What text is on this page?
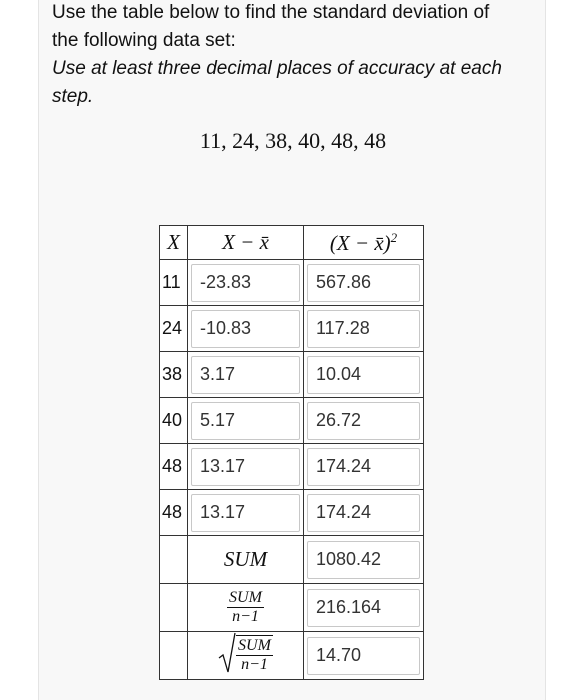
Use the table below to find the standard deviation of
the following data set:
Use at least three decimal places of accuracy at each
step.
11, 24, 38, 40, 48, 48
X	X − x̄	(X − x̄)$^2$
11	-23.83	567.86

24	-10.83	117.28

38	3.17	10.04

40	5.17	26.72

48	13.17	174.24

48	13.17	174.24

	SUM	1080.42

	$\frac{\text{SUM}}{n-1}$	216.164

	$\frac{\text{SUM}}{n-1}$	14.70
